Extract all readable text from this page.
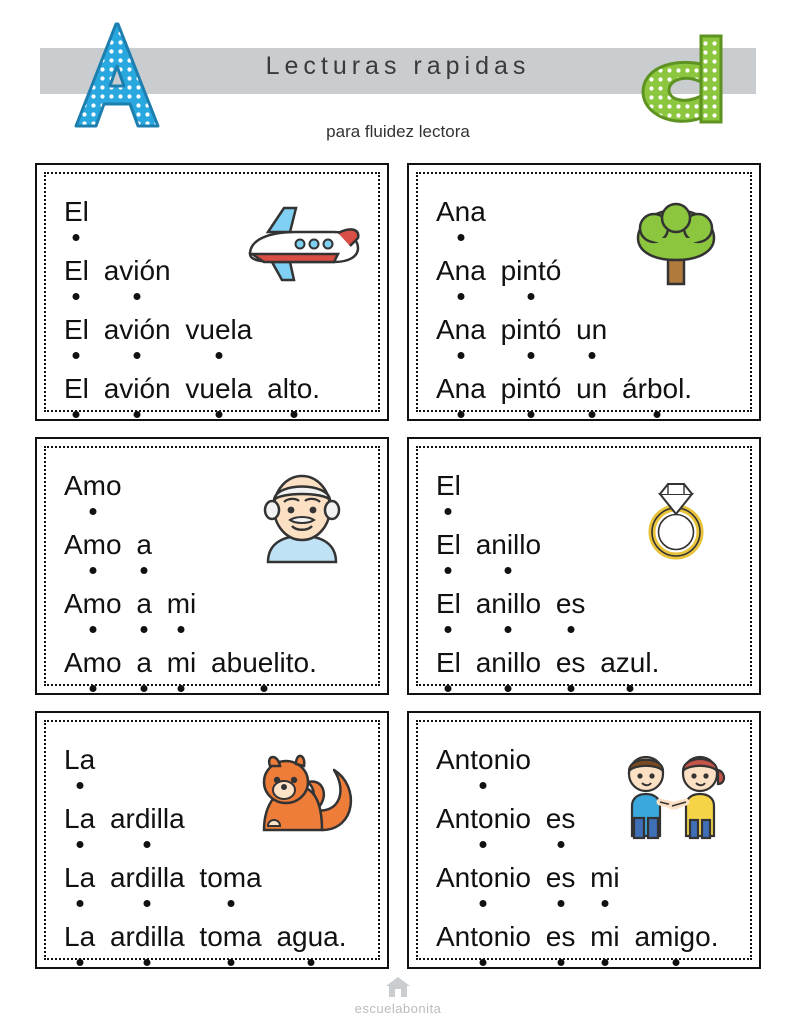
Lecturas rapidas
para fluidez lectora
El
El avión
El avión vuela
El avión vuela alto.
Ana
Ana pintó
Ana pintó un
Ana pintó un árbol.
Amo
Amo a
Amo a mi
Amo a mi abuelito.
El
El anillo
El anillo es
El anillo es azul.
La
La ardilla
La ardilla toma
La ardilla toma agua.
Antonio
Antonio es
Antonio es mi
Antonio es mi amigo.
escuelabonita
